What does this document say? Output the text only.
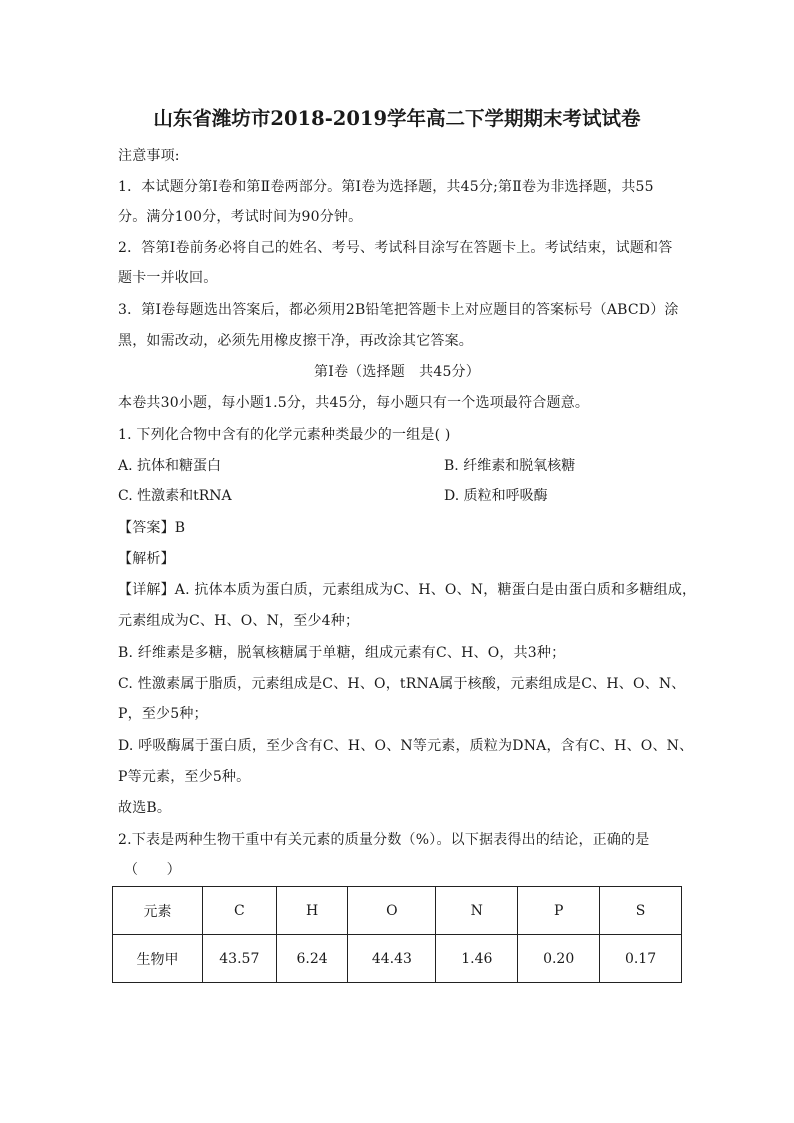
山东省潍坊市2018-2019学年高二下学期期末考试试卷
注意事项:
1．本试题分第Ⅰ卷和第Ⅱ卷两部分。第Ⅰ卷为选择题，共45分;第Ⅱ卷为非选择题，共55
分。满分100分，考试时间为90分钟。
2．答第Ⅰ卷前务必将自己的姓名、考号、考试科目涂写在答题卡上。考试结束，试题和答
题卡一并收回。
3．第Ⅰ卷每题选出答案后，都必须用2B铅笔把答题卡上对应题目的答案标号（ABCD）涂
黑，如需改动，必须先用橡皮擦干净，再改涂其它答案。
第Ⅰ卷（选择题　共45分）
本卷共30小题，每小题1.5分，共45分，每小题只有一个选项最符合题意。
1. 下列化合物中含有的化学元素种类最少的一组是( )
A. 抗体和糖蛋白	B. 纤维素和脱氧核糖
C. 性激素和tRNA	D. 质粒和呼吸酶
【答案】B
【解析】
【详解】A. 抗体本质为蛋白质，元素组成为C、H、O、N，糖蛋白是由蛋白质和多糖组成，
元素组成为C、H、O、N，至少4种；
B. 纤维素是多糖，脱氧核糖属于单糖，组成元素有C、H、O，共3种；
C. 性激素属于脂质，元素组成是C、H、O，tRNA属于核酸，元素组成是C、H、O、N、
P，至少5种；
D. 呼吸酶属于蛋白质，至少含有C、H、O、N等元素，质粒为DNA，含有C、H、O、N、
P等元素，至少5种。
故选B。
2.下表是两种生物干重中有关元素的质量分数（%）。以下据表得出的结论，正确的是
（　　）
元素	C	H	O	N	P	S
生物甲	43.57	6.24	44.43	1.46	0.20	0.17
